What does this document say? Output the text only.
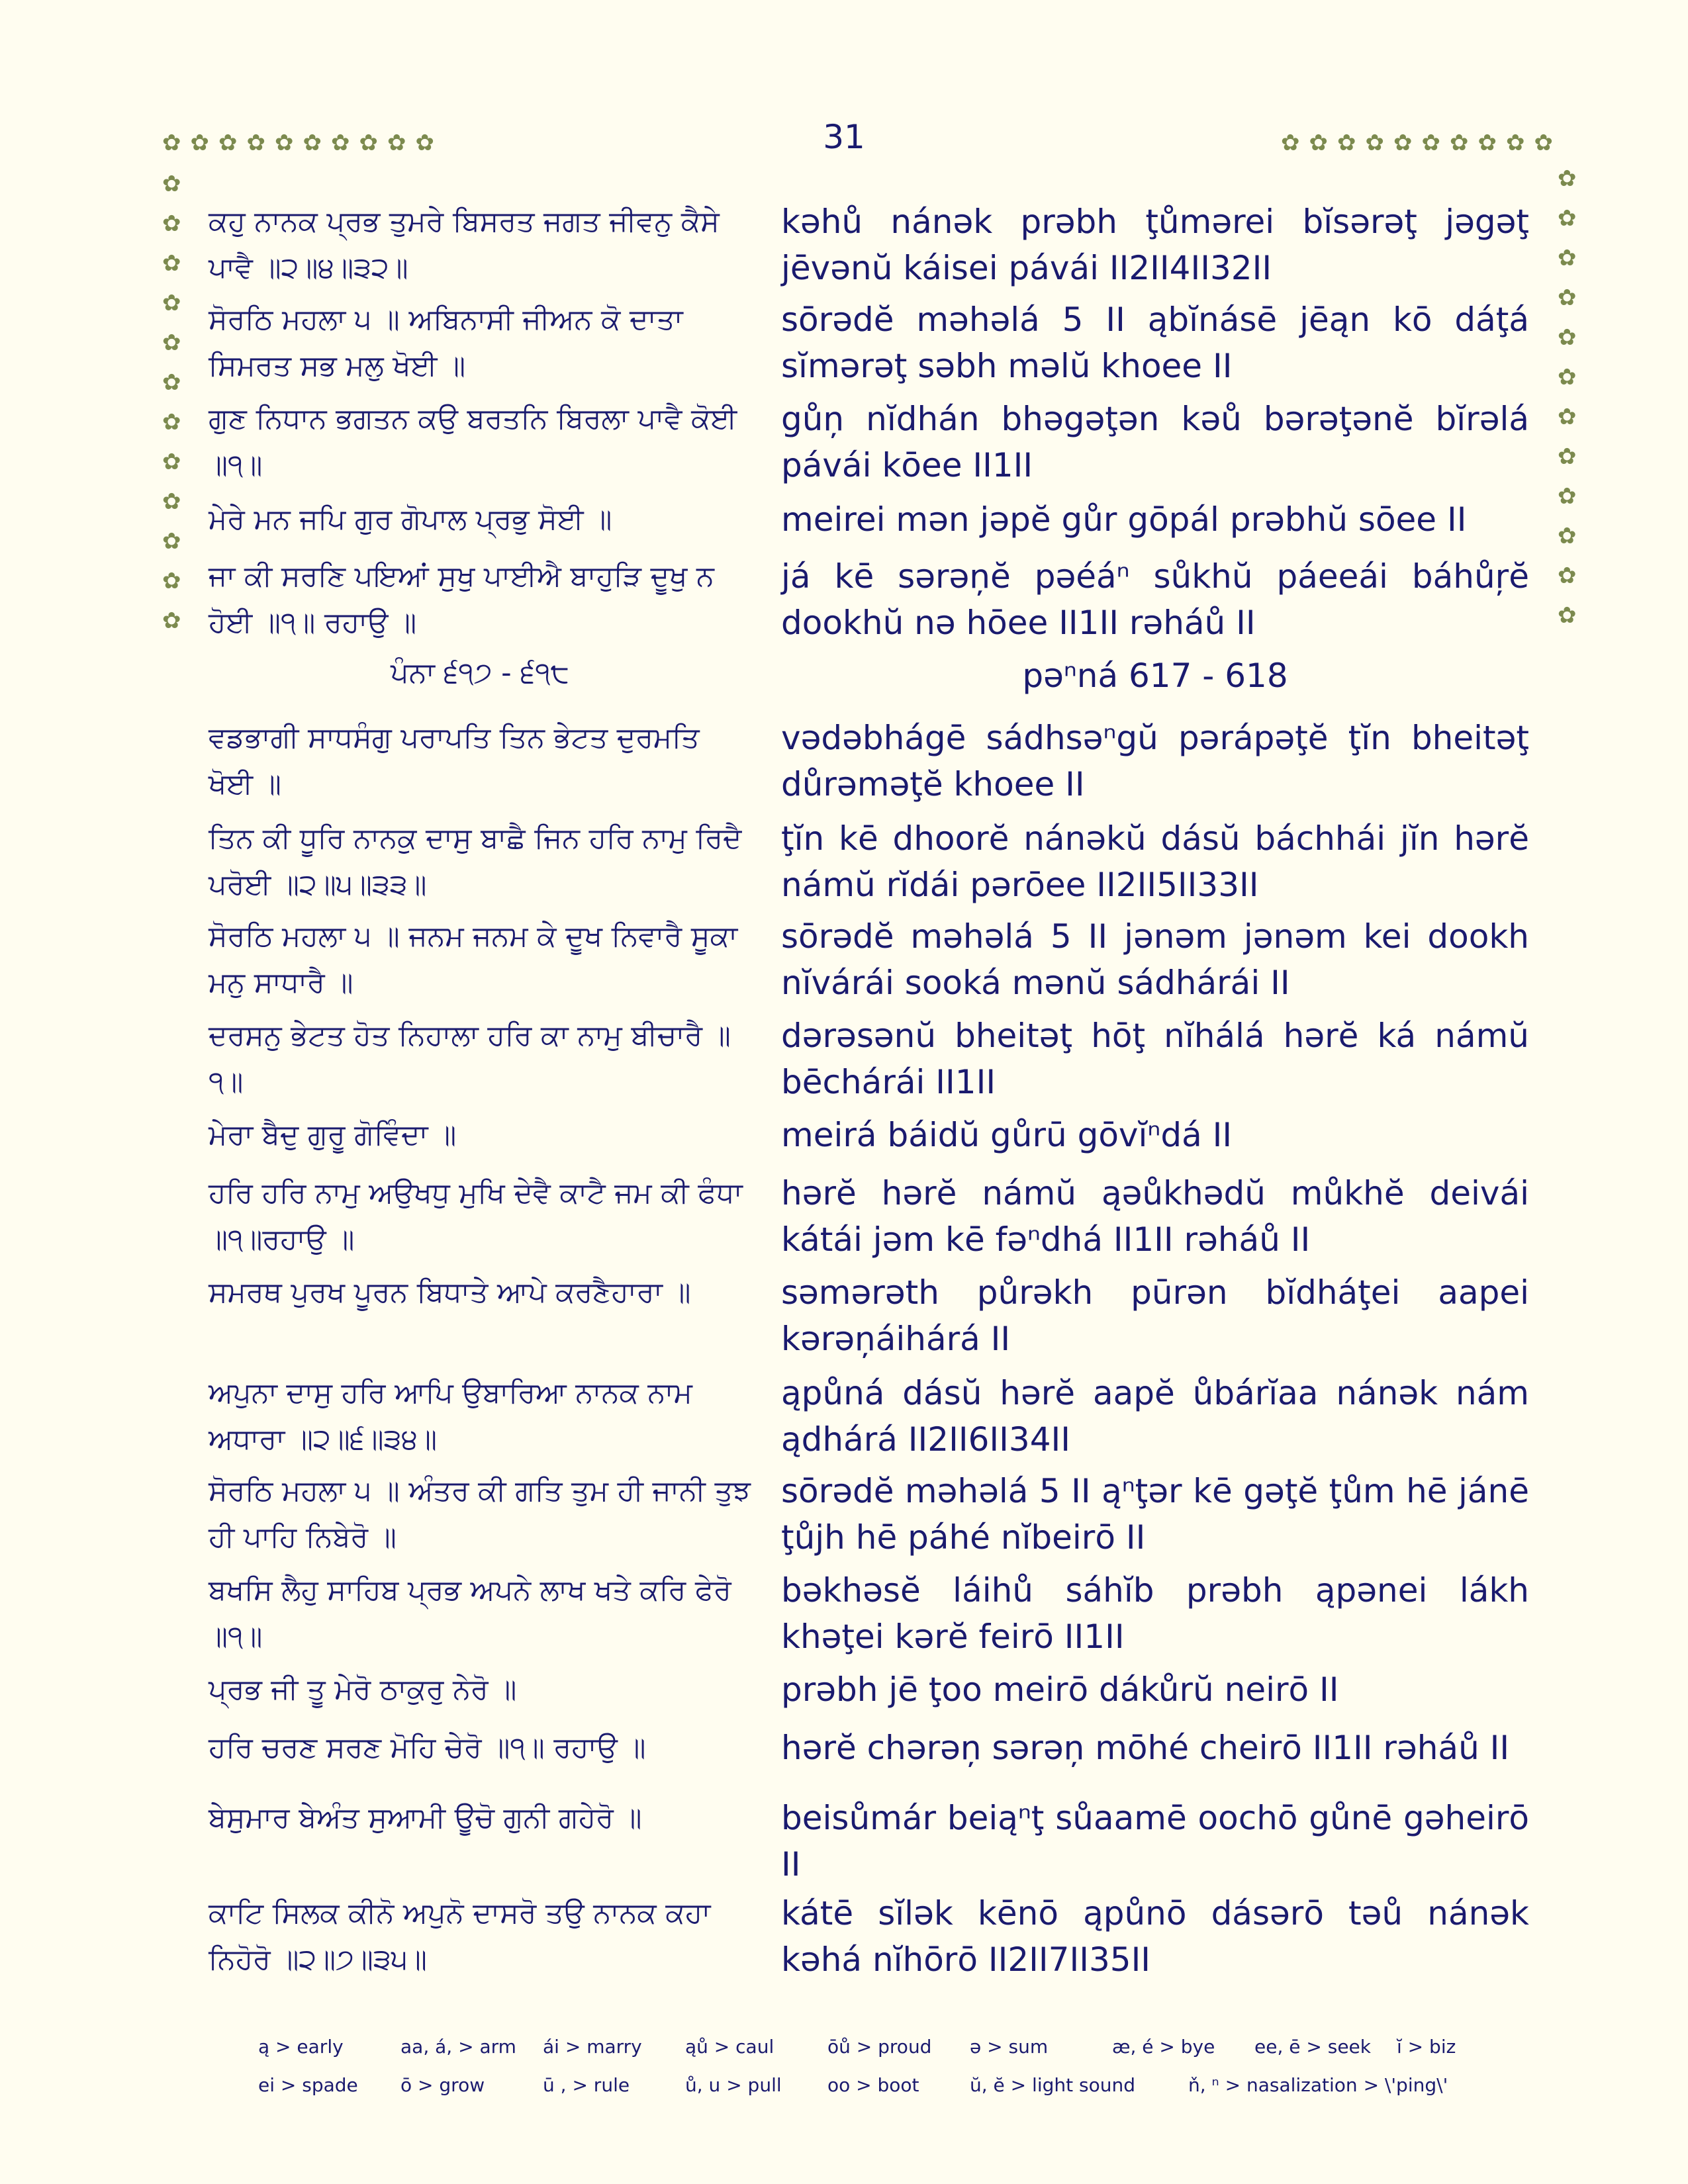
31
✿ ✿ ✿ ✿ ✿ ✿ ✿ ✿ ✿ ✿	✿ ✿ ✿ ✿ ✿ ✿ ✿ ✿ ✿ ✿
✿
✿
✿
✿
✿
✿
✿
✿
✿
✿
✿
✿
✿
✿
✿
✿
✿
✿
✿
✿
✿
✿
✿
✿

ਕਹੁ ਨਾਨਕ ਪ੍ਰਭ ਤੁਮਰੇ ਬਿਸਰਤ ਜਗਤ ਜੀਵਨੁ ਕੈਸੇ ਪਾਵੈ ॥੨॥੪॥੩੨॥

ਸੋਰਠਿ ਮਹਲਾ ੫ ॥ ਅਬਿਨਾਸੀ ਜੀਅਨ ਕੋ ਦਾਤਾ ਸਿਮਰਤ ਸਭ ਮਲੁ ਖੋਈ ॥

ਗੁਣ ਨਿਧਾਨ ਭਗਤਨ ਕਉ ਬਰਤਨਿ ਬਿਰਲਾ ਪਾਵੈ ਕੋਈ ॥੧॥

ਮੇਰੇ ਮਨ ਜਪਿ ਗੁਰ ਗੋਪਾਲ ਪ੍ਰਭੁ ਸੋਈ ॥

ਜਾ ਕੀ ਸਰਣਿ ਪਇਆਂ ਸੁਖੁ ਪਾਈਐ ਬਾਹੁੜਿ ਦੂਖੁ ਨ ਹੋਈ ॥੧॥ ਰਹਾਉ ॥

ਵਡਭਾਗੀ ਸਾਧਸੰਗੁ ਪਰਾਪਤਿ ਤਿਨ ਭੇਟਤ ਦੁਰਮਤਿ ਖੋਈ ॥

ਤਿਨ ਕੀ ਧੂਰਿ ਨਾਨਕੁ ਦਾਸੁ ਬਾਛੈ ਜਿਨ ਹਰਿ ਨਾਮੁ ਰਿਦੈ ਪਰੋਈ ॥੨॥੫॥੩੩॥

ਸੋਰਠਿ ਮਹਲਾ ੫ ॥ ਜਨਮ ਜਨਮ ਕੇ ਦੂਖ ਨਿਵਾਰੈ ਸੂਕਾ ਮਨੁ ਸਾਧਾਰੈ ॥

ਦਰਸਨੁ ਭੇਟਤ ਹੋਤ ਨਿਹਾਲਾ ਹਰਿ ਕਾ ਨਾਮੁ ਬੀਚਾਰੈ ॥੧॥

ਮੇਰਾ ਬੈਦੁ ਗੁਰੂ ਗੋਵਿੰਦਾ ॥

ਹਰਿ ਹਰਿ ਨਾਮੁ ਅਉਖਧੁ ਮੁਖਿ ਦੇਵੈ ਕਾਟੈ ਜਮ ਕੀ ਫੰਧਾ ॥੧॥ਰਹਾਉ ॥

ਸਮਰਥ ਪੁਰਖ ਪੂਰਨ ਬਿਧਾਤੇ ਆਪੇ ਕਰਣੈਹਾਰਾ ॥

ਅਪੁਨਾ ਦਾਸੁ ਹਰਿ ਆਪਿ ਉਬਾਰਿਆ ਨਾਨਕ ਨਾਮ ਅਧਾਰਾ ॥੨॥੬॥੩੪॥

ਸੋਰਠਿ ਮਹਲਾ ੫ ॥ ਅੰਤਰ ਕੀ ਗਤਿ ਤੁਮ ਹੀ ਜਾਨੀ ਤੁਝ ਹੀ ਪਾਹਿ ਨਿਬੇਰੋ ॥

ਬਖਸਿ ਲੈਹੁ ਸਾਹਿਬ ਪ੍ਰਭ ਅਪਨੇ ਲਾਖ ਖਤੇ ਕਰਿ ਫੇਰੋ ॥੧॥

ਪ੍ਰਭ ਜੀ ਤੂ ਮੇਰੋ ਠਾਕੁਰੁ ਨੇਰੋ ॥

ਹਰਿ ਚਰਣ ਸਰਣ ਮੋਹਿ ਚੇਰੋ ॥੧॥ ਰਹਾਉ ॥

ਬੇਸੁਮਾਰ ਬੇਅੰਤ ਸੁਆਮੀ ਊਚੋ ਗੁਨੀ ਗਹੇਰੋ ॥

ਕਾਟਿ ਸਿਲਕ ਕੀਨੋ ਅਪੁਨੋ ਦਾਸਰੋ ਤਉ ਨਾਨਕ ਕਹਾ ਨਿਹੋਰੋ ॥੨॥੭॥੩੫॥

ਪੰਨਾ ੬੧੭ - ੬੧੮

kəhů nánək prəbh ţůmərei bĭsərəţ jəgəţ jēvənŭ káisei pávái II2II4II32II

sōrədĕ məhəlá 5 II ąbĭnásē jēąn kō dáţá sĭmərəţ səbh məlŭ khoee II

gůņ nĭdhán bhəgəţən kəů bərəţənĕ bĭrəlá pávái kōee II1II

meirei mən jəpĕ gůr gōpál prəbhŭ sōee II

já kē sərəņĕ pəéáⁿ sůkhŭ páeeái báhůŗĕ dookhŭ nə hōee II1II rəháů II

vədəbhágē sádhsəⁿgŭ pərápəţĕ ţĭn bheitəţ důrəməţĕ khoee II

ţĭn kē dhoorĕ nánəkŭ dásŭ báchhái jĭn hərĕ námŭ rĭdái pərōee II2II5II33II

sōrədĕ məhəlá 5 II jənəm jənəm kei dookh nĭvárái sooká mənŭ sádhárái II

dərəsənŭ bheitəţ hōţ nĭhálá hərĕ ká námŭ bēchárái II1II

meirá báidŭ gůrū gōvĭⁿdá II

hərĕ hərĕ námŭ ąəůkhədŭ můkhĕ deivái kátái jəm kē fəⁿdhá II1II rəháů II

səmərəth půrəkh pūrən bĭdháţei aapei kərəņáihárá II

ąpůná dásŭ hərĕ aapĕ ůbárĭaa nánək nám ądhárá II2II6II34II

sōrədĕ məhəlá 5 II ąⁿţər kē gəţĕ ţům hē jánē ţůjh hē páhé nĭbeirō II

bəkhəsĕ láihů sáhĭb prəbh ąpənei lákh khəţei kərĕ feirō II1II

prəbh jē ţoo meirō dákůrŭ neirō II

hərĕ chərəņ sərəņ mōhé cheirō II1II rəháů II

beisůmár beiąⁿţ sůaamē oochō gůnē gəheirō II

kátē sĭlək kēnō ąpůnō dásərō təů nánək kəhá nĭhōrō II2II7II35II

pəⁿná 617 - 618
ą > early	aa, á, > arm	ái > marry	ąů > caul	ōů > proud	ə > sum	æ, é > bye	ee, ē > seek	ĭ > biz
ei > spade	ō > grow	ū , > rule	ů, u > pull	oo > boot	ŭ, ĕ > light sound	ň, ⁿ > nasalization > \'ping\'
